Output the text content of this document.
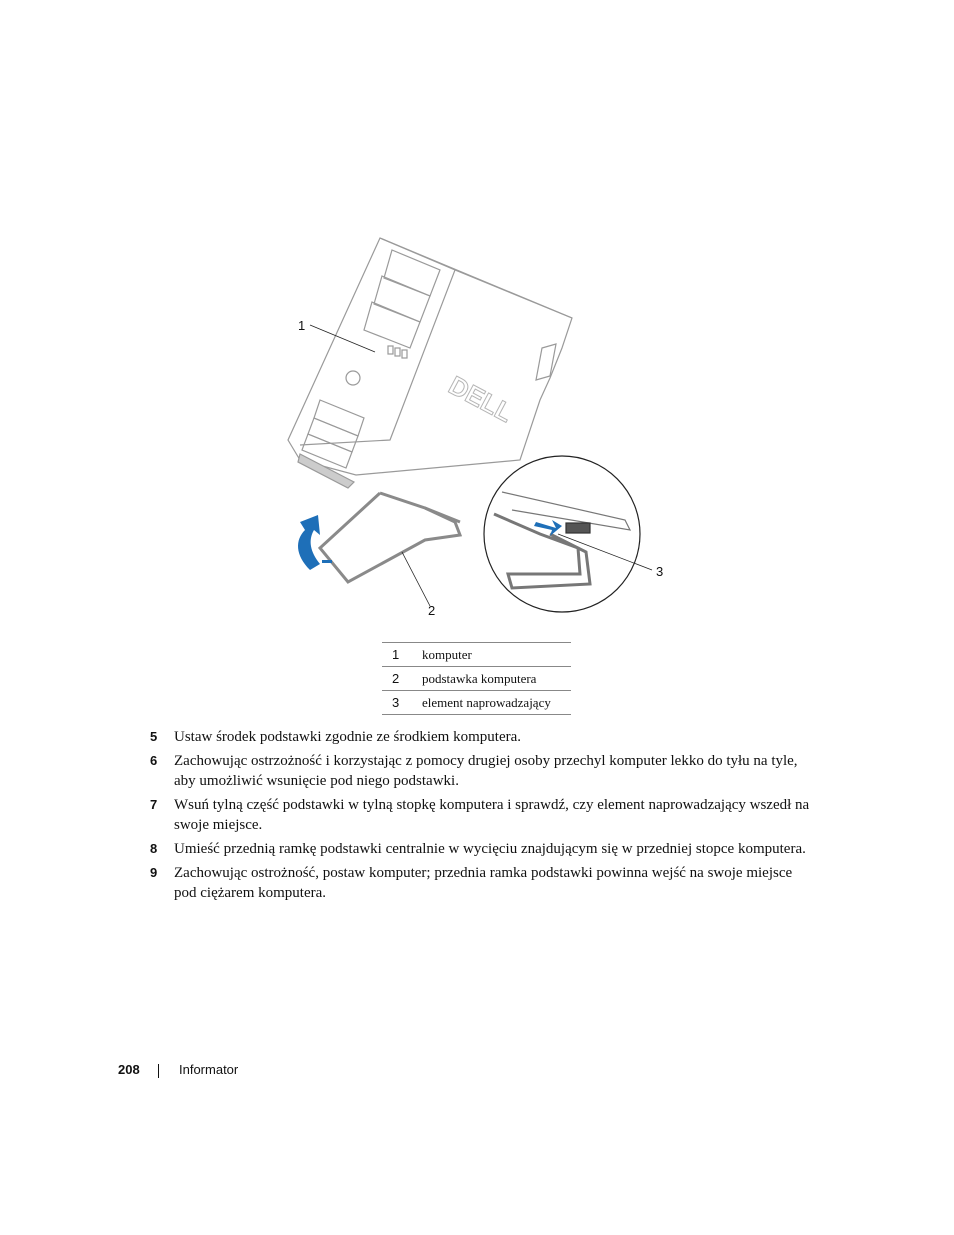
DELL
1
2
3
1	komputer
2	podstawka komputera
3	element naprowadzający
5 Ustaw środek podstawki zgodnie ze środkiem komputera.
6 Zachowując ostrzożność i korzystając z pomocy drugiej osoby przechyl komputer lekko do tyłu na tyle, aby umożliwić wsunięcie pod niego podstawki.
7 Wsuń tylną część podstawki w tylną stopkę komputera i sprawdź, czy element naprowadzający wszedł na swoje miejsce.
8 Umieść przednią ramkę podstawki centralnie w wycięciu znajdującym się w przedniej stopce komputera.
9 Zachowując ostrożność, postaw komputer; przednia ramka podstawki powinna wejść na swoje miejsce pod ciężarem komputera.
208	Informator
